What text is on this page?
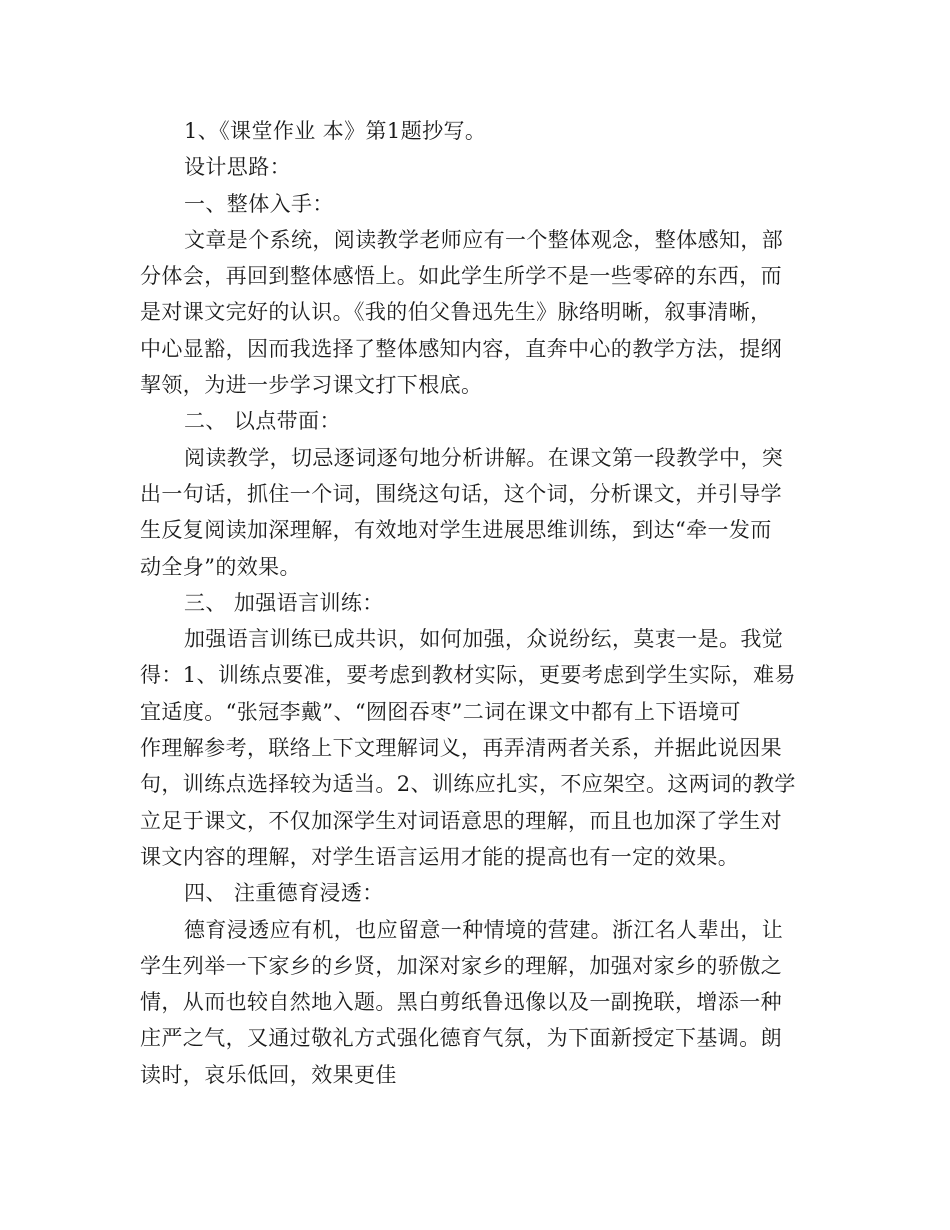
1、《课堂作业 本》第1题抄写。
设计思路：
一、整体入手：
文章是个系统，阅读教学老师应有一个整体观念，整体感知，部
分体会，再回到整体感悟上。如此学生所学不是一些零碎的东西，而
是对课文完好的认识。《我的伯父鲁迅先生》脉络明晰，叙事清晰，
中心显豁，因而我选择了整体感知内容，直奔中心的教学方法，提纲
挈领，为进一步学习课文打下根底。
二、 以点带面：
阅读教学，切忌逐词逐句地分析讲解。在课文第一段教学中，突
出一句话，抓住一个词，围绕这句话，这个词，分析课文，并引导学
生反复阅读加深理解，有效地对学生进展思维训练，到达“牵一发而
动全身”的效果。
三、 加强语言训练：
加强语言训练已成共识，如何加强，众说纷纭，莫衷一是。我觉
得：1、训练点要准，要考虑到教材实际，更要考虑到学生实际，难易
宜适度。“张冠李戴”、“囫囵吞枣”二词在课文中都有上下语境可
作理解参考，联络上下文理解词义，再弄清两者关系，并据此说因果
句，训练点选择较为适当。2、训练应扎实，不应架空。这两词的教学
立足于课文，不仅加深学生对词语意思的理解，而且也加深了学生对
课文内容的理解，对学生语言运用才能的提高也有一定的效果。
四、 注重德育浸透：
德育浸透应有机，也应留意一种情境的营建。浙江名人辈出，让
学生列举一下家乡的乡贤，加深对家乡的理解，加强对家乡的骄傲之
情，从而也较自然地入题。黑白剪纸鲁迅像以及一副挽联，增添一种
庄严之气，又通过敬礼方式强化德育气氛，为下面新授定下基调。朗
读时，哀乐低回，效果更佳
